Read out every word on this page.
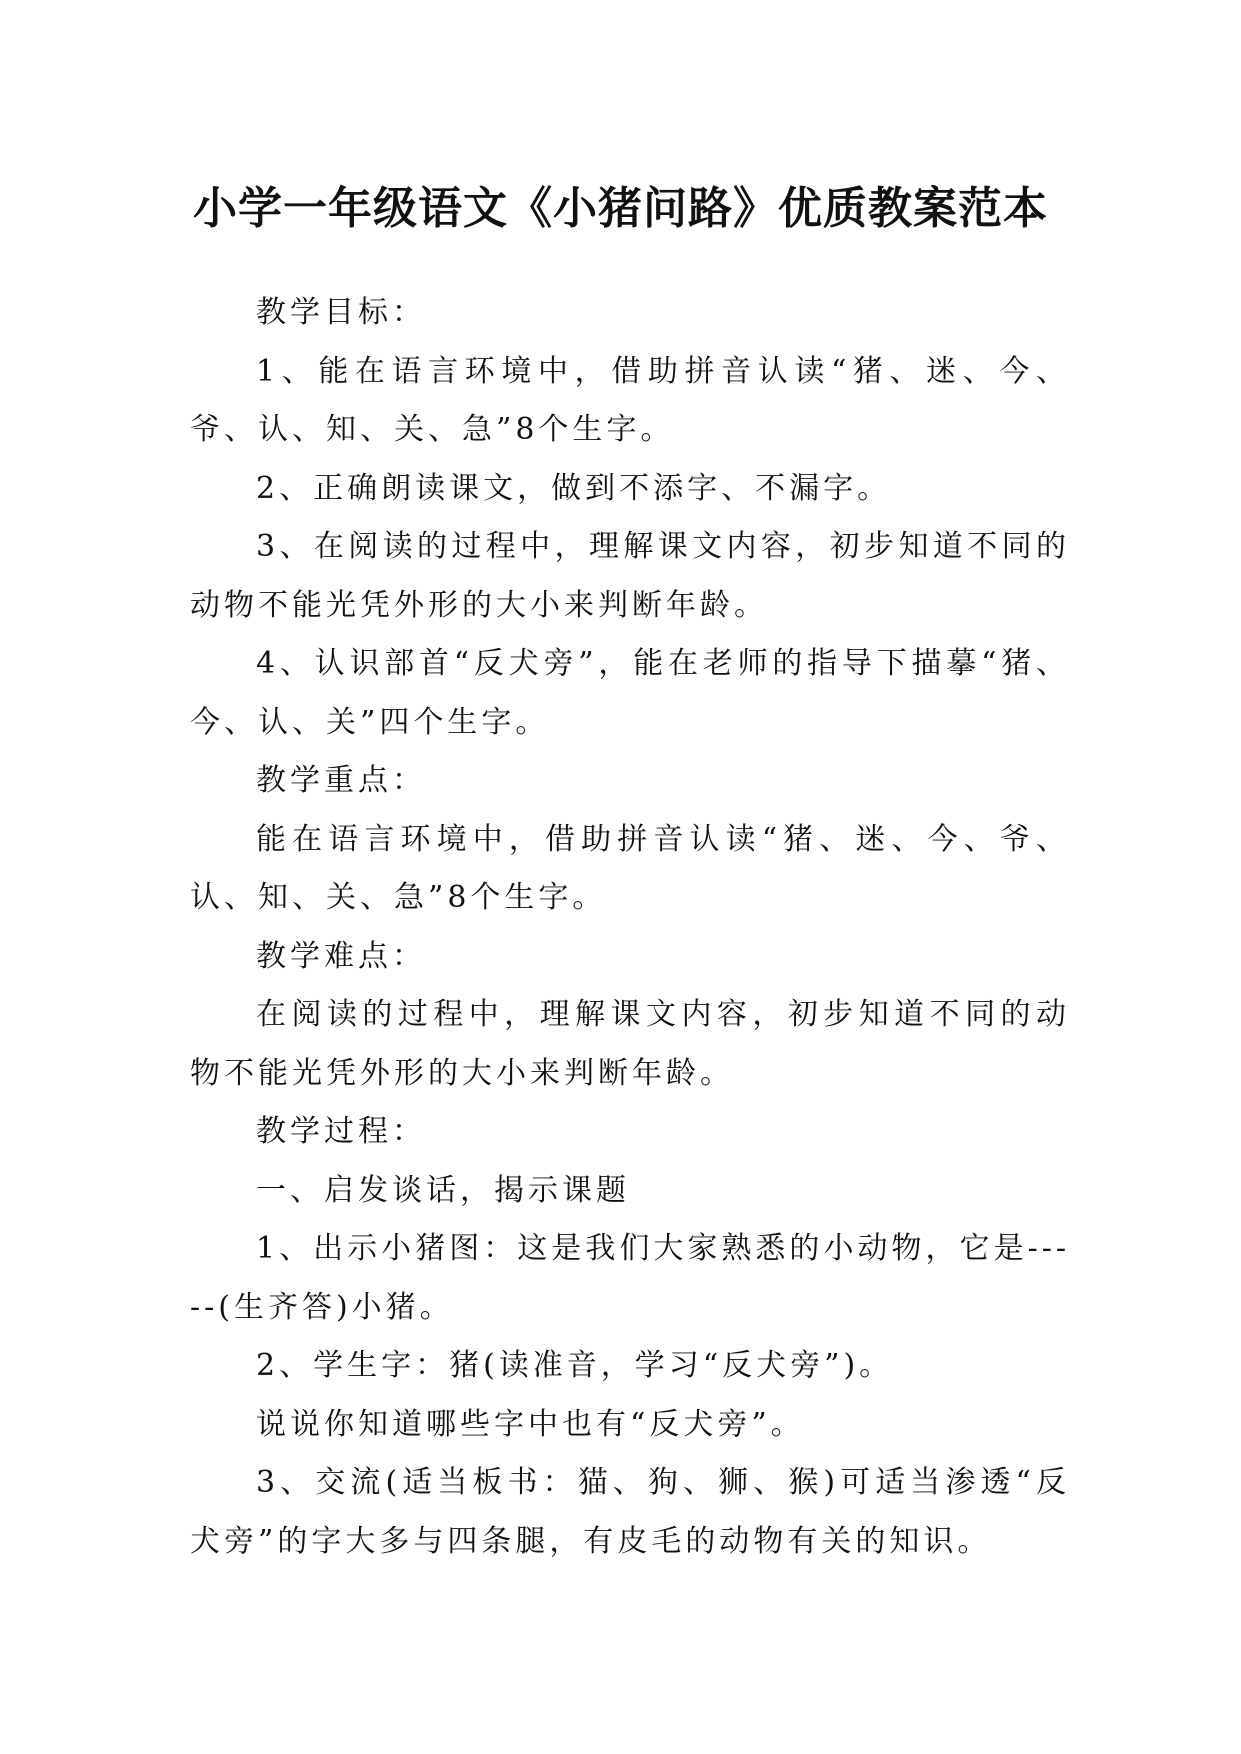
小学一年级语文《小猪问路》优质教案范本

教学目标：

1、能在语言环境中，借助拼音认读“猪、迷、今、爷、认、知、关、急”8个生字。

2、正确朗读课文，做到不添字、不漏字。

3、在阅读的过程中，理解课文内容，初步知道不同的动物不能光凭外形的大小来判断年龄。

4、认识部首“反犬旁”，能在老师的指导下描摹“猪、今、认、关”四个生字。

教学重点：

能在语言环境中，借助拼音认读“猪、迷、今、爷、认、知、关、急”8个生字。

教学难点：

在阅读的过程中，理解课文内容，初步知道不同的动物不能光凭外形的大小来判断年龄。

教学过程：

一、启发谈话，揭示课题

1、出示小猪图：这是我们大家熟悉的小动物，它是-----(生齐答)小猪。

2、学生字：猪(读准音，学习“反犬旁”)。

说说你知道哪些字中也有“反犬旁”。

3、交流(适当板书：猫、狗、狮、猴)可适当渗透“反犬旁”的字大多与四条腿，有皮毛的动物有关的知识。
